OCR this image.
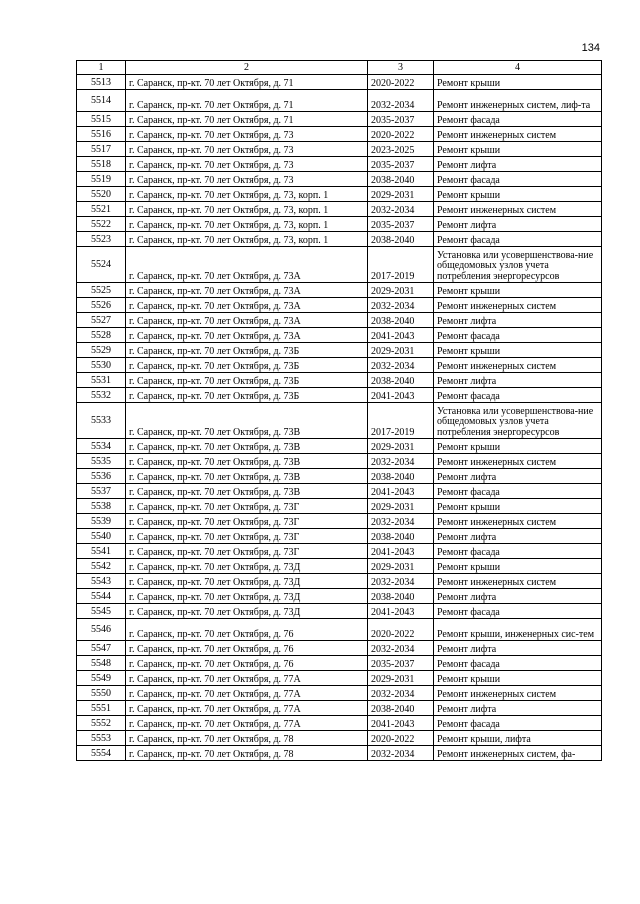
134
1	2	3	4
5513	г. Саранск, пр-кт. 70 лет Октября, д. 71	2020-2022	Ремонт крыши
5514	г. Саранск, пр-кт. 70 лет Октября, д. 71	2032-2034	Ремонт инженерных систем, лиф-та
5515	г. Саранск, пр-кт. 70 лет Октября, д. 71	2035-2037	Ремонт фасада
5516	г. Саранск, пр-кт. 70 лет Октября, д. 73	2020-2022	Ремонт инженерных систем
5517	г. Саранск, пр-кт. 70 лет Октября, д. 73	2023-2025	Ремонт крыши
5518	г. Саранск, пр-кт. 70 лет Октября, д. 73	2035-2037	Ремонт лифта
5519	г. Саранск, пр-кт. 70 лет Октября, д. 73	2038-2040	Ремонт фасада
5520	г. Саранск, пр-кт. 70 лет Октября, д. 73, корп. 1	2029-2031	Ремонт крыши
5521	г. Саранск, пр-кт. 70 лет Октября, д. 73, корп. 1	2032-2034	Ремонт инженерных систем
5522	г. Саранск, пр-кт. 70 лет Октября, д. 73, корп. 1	2035-2037	Ремонт лифта
5523	г. Саранск, пр-кт. 70 лет Октября, д. 73, корп. 1	2038-2040	Ремонт фасада
5524	г. Саранск, пр-кт. 70 лет Октября, д. 73А	2017-2019	Установка или усовершенствова-ние общедомовых узлов учета потребления энергоресурсов
5525	г. Саранск, пр-кт. 70 лет Октября, д. 73А	2029-2031	Ремонт крыши
5526	г. Саранск, пр-кт. 70 лет Октября, д. 73А	2032-2034	Ремонт инженерных систем
5527	г. Саранск, пр-кт. 70 лет Октября, д. 73А	2038-2040	Ремонт лифта
5528	г. Саранск, пр-кт. 70 лет Октября, д. 73А	2041-2043	Ремонт фасада
5529	г. Саранск, пр-кт. 70 лет Октября, д. 73Б	2029-2031	Ремонт крыши
5530	г. Саранск, пр-кт. 70 лет Октября, д. 73Б	2032-2034	Ремонт инженерных систем
5531	г. Саранск, пр-кт. 70 лет Октября, д. 73Б	2038-2040	Ремонт лифта
5532	г. Саранск, пр-кт. 70 лет Октября, д. 73Б	2041-2043	Ремонт фасада
5533	г. Саранск, пр-кт. 70 лет Октября, д. 73В	2017-2019	Установка или усовершенствова-ние общедомовых узлов учета потребления энергоресурсов
5534	г. Саранск, пр-кт. 70 лет Октября, д. 73В	2029-2031	Ремонт крыши
5535	г. Саранск, пр-кт. 70 лет Октября, д. 73В	2032-2034	Ремонт инженерных систем
5536	г. Саранск, пр-кт. 70 лет Октября, д. 73В	2038-2040	Ремонт лифта
5537	г. Саранск, пр-кт. 70 лет Октября, д. 73В	2041-2043	Ремонт фасада
5538	г. Саранск, пр-кт. 70 лет Октября, д. 73Г	2029-2031	Ремонт крыши
5539	г. Саранск, пр-кт. 70 лет Октября, д. 73Г	2032-2034	Ремонт инженерных систем
5540	г. Саранск, пр-кт. 70 лет Октября, д. 73Г	2038-2040	Ремонт лифта
5541	г. Саранск, пр-кт. 70 лет Октября, д. 73Г	2041-2043	Ремонт фасада
5542	г. Саранск, пр-кт. 70 лет Октября, д. 73Д	2029-2031	Ремонт крыши
5543	г. Саранск, пр-кт. 70 лет Октября, д. 73Д	2032-2034	Ремонт инженерных систем
5544	г. Саранск, пр-кт. 70 лет Октября, д. 73Д	2038-2040	Ремонт лифта
5545	г. Саранск, пр-кт. 70 лет Октября, д. 73Д	2041-2043	Ремонт фасада
5546	г. Саранск, пр-кт. 70 лет Октября, д. 76	2020-2022	Ремонт крыши, инженерных сис-тем
5547	г. Саранск, пр-кт. 70 лет Октября, д. 76	2032-2034	Ремонт лифта
5548	г. Саранск, пр-кт. 70 лет Октября, д. 76	2035-2037	Ремонт фасада
5549	г. Саранск, пр-кт. 70 лет Октября, д. 77А	2029-2031	Ремонт крыши
5550	г. Саранск, пр-кт. 70 лет Октября, д. 77А	2032-2034	Ремонт инженерных систем
5551	г. Саранск, пр-кт. 70 лет Октября, д. 77А	2038-2040	Ремонт лифта
5552	г. Саранск, пр-кт. 70 лет Октября, д. 77А	2041-2043	Ремонт фасада
5553	г. Саранск, пр-кт. 70 лет Октября, д. 78	2020-2022	Ремонт крыши, лифта
5554	г. Саранск, пр-кт. 70 лет Октября, д. 78	2032-2034	Ремонт инженерных систем, фа-
